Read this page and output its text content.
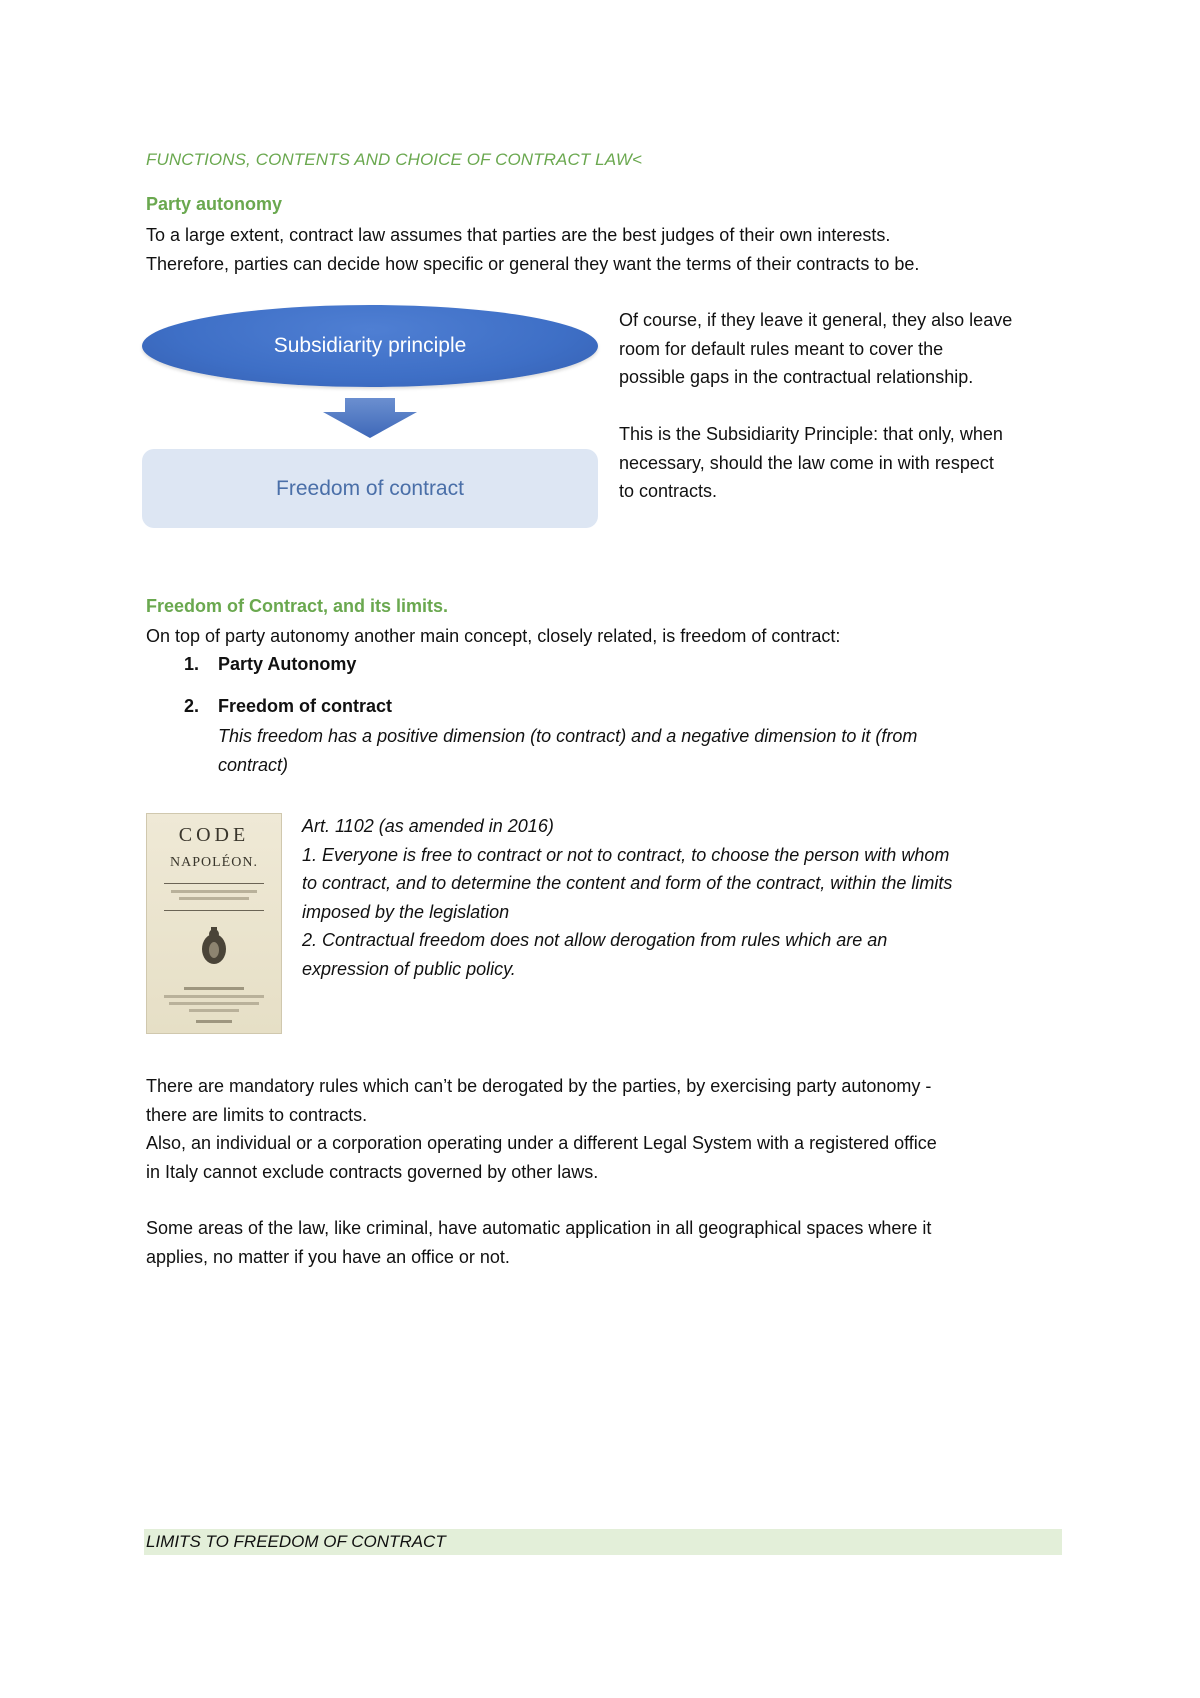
FUNCTIONS, CONTENTS AND CHOICE OF CONTRACT LAW<
Party autonomy
To a large extent, contract law assumes that parties are the best judges of their own interests.
Therefore, parties can decide how specific or general they want the terms of their contracts to be.
Subsidiarity principle
Freedom of contract
Of course, if they leave it general, they also leave
room for default rules meant to cover the
possible gaps in the contractual relationship.
This is the Subsidiarity Principle: that only, when
necessary, should the law come in with respect
to contracts.
Freedom of Contract, and its limits.
On top of party autonomy another main concept, closely related, is freedom of contract:
1. Party Autonomy
2. Freedom of contract
This freedom has a positive dimension (to contract) and a negative dimension to it (from
contract)
CODE
NAPOLÉON.
Art. 1102 (as amended in 2016)
1. Everyone is free to contract or not to contract, to choose the person with whom
to contract, and to determine the content and form of the contract, within the limits
imposed by the legislation
2. Contractual freedom does not allow derogation from rules which are an
expression of public policy.
There are mandatory rules which can’t be derogated by the parties, by exercising party autonomy -
there are limits to contracts.
Also, an individual or a corporation operating under a different Legal System with a registered office
in Italy cannot exclude contracts governed by other laws.
Some areas of the law, like criminal, have automatic application in all geographical spaces where it
applies, no matter if you have an office or not.
LIMITS TO FREEDOM OF CONTRACT
